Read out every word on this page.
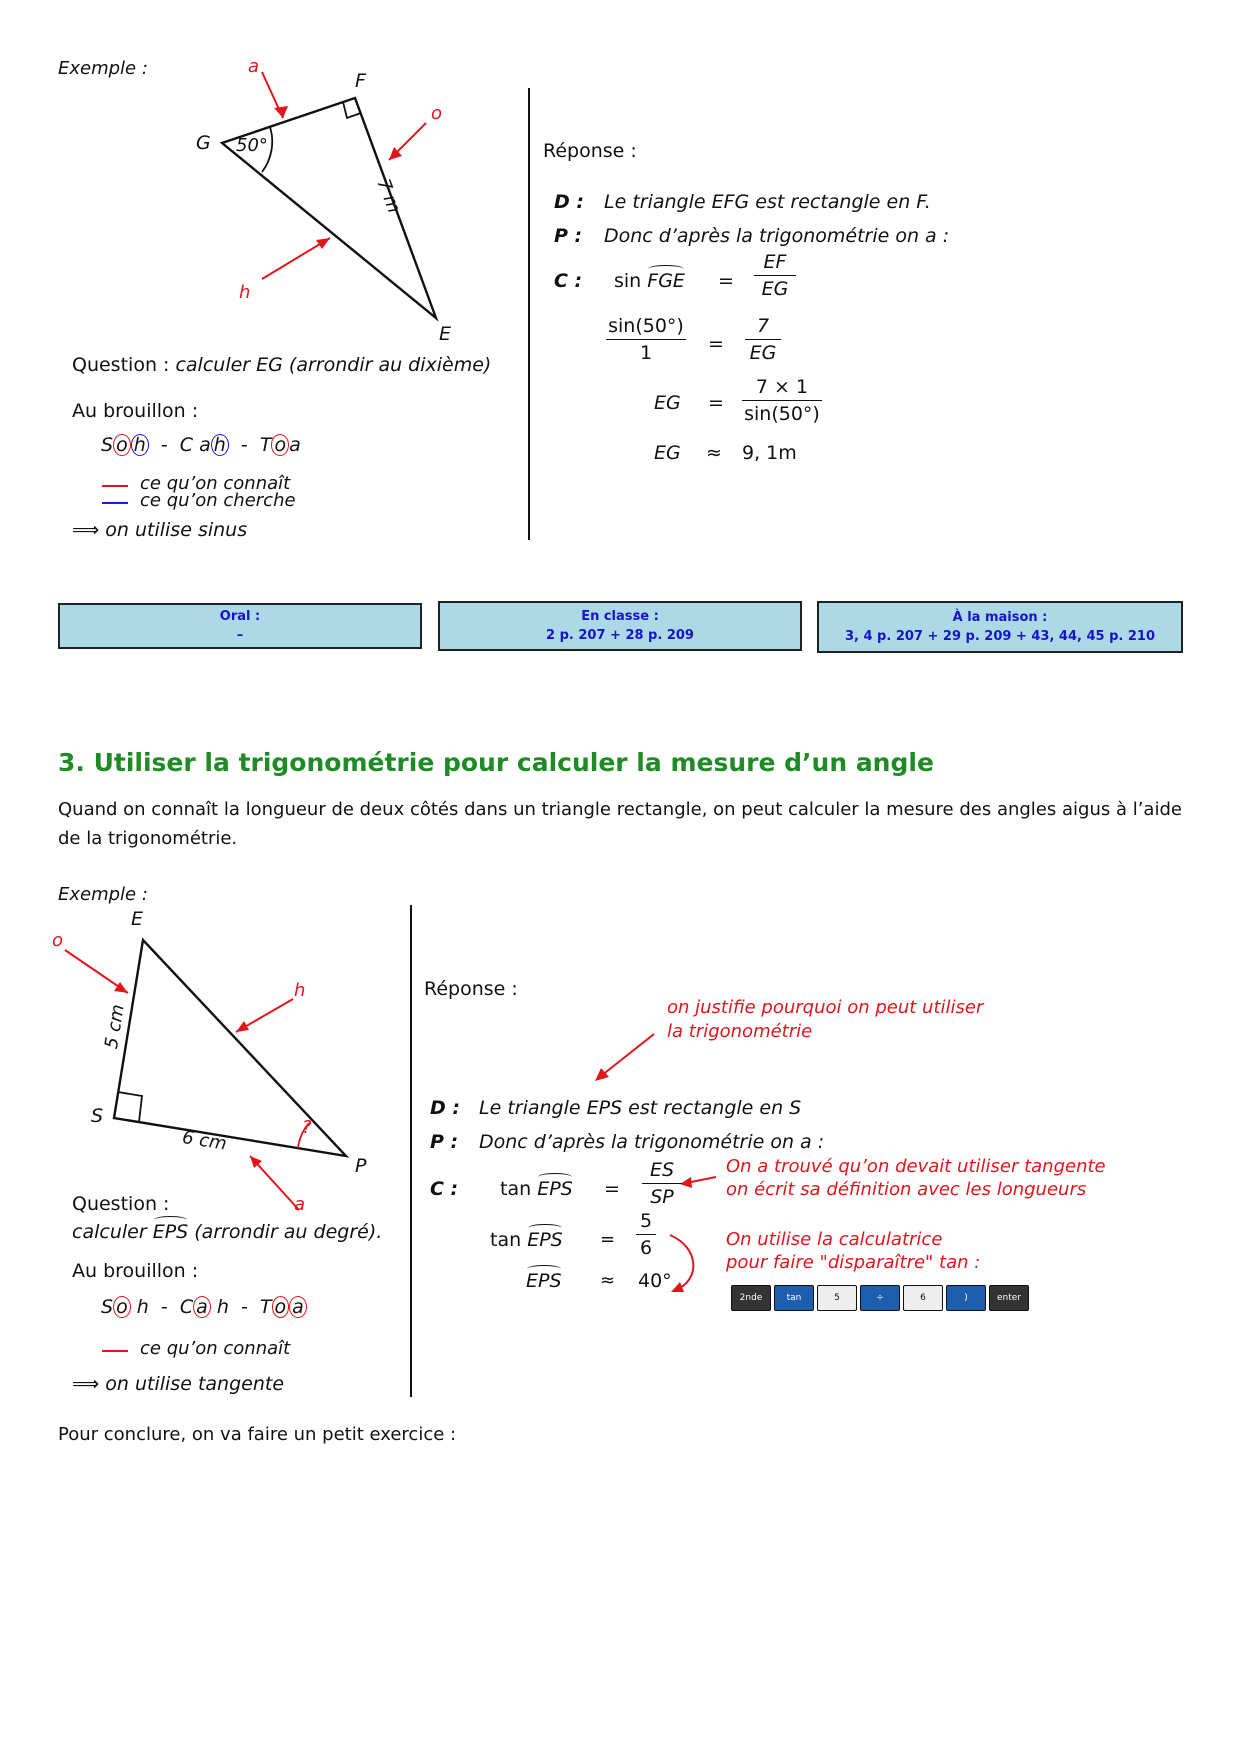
Exemple :
G
F
E
50°
7 m
a
o
h
Question : calculer EG (arrondir au dixième)
Au brouillon :
S o h - C a h - T o a
ce qu’on connaît
ce qu’on cherche
⟹ on utilise sinus
Réponse :
D : Le triangle EFG est rectangle en F.
P : Donc d’après la trigonométrie on a :
C : sin FGE =
EF
EG
sin(50°)
1	=
7
EG
EG =
7 × 1
sin(50°)
EG ≈ 9, 1m
Oral :
–
En classe :
2 p. 207 + 28 p. 209
À la maison :
3, 4 p. 207 + 29 p. 209 + 43, 44, 45 p. 210
3. Utiliser la trigonométrie pour calculer la mesure d’un angle
Quand on connaît la longueur de deux côtés dans un triangle rectangle, on peut calculer la mesure des angles aigus à l’aide de la trigonométrie.
Exemple :
E
S
P
5 cm
6 cm	?
o
h
a
Question :
calculer EPS (arrondir au degré).
Au brouillon :
S o h - C a h - T o a
ce qu’on connaît
⟹ on utilise tangente
Réponse :
on justifie pourquoi on peut utiliser
la trigonométrie
D : Le triangle EPS est rectangle en S
P : Donc d’après la trigonométrie on a :
C : tan EPS =
ES
SP
On a trouvé qu’on devait utiliser tangente
on écrit sa définition avec les longueurs
tan EPS =
5
6	On utilise la calculatrice
pour faire "disparaître" tan :
EPS ≈ 40°
2nde	tan	5	÷	6	)	enter
Pour conclure, on va faire un petit exercice :
